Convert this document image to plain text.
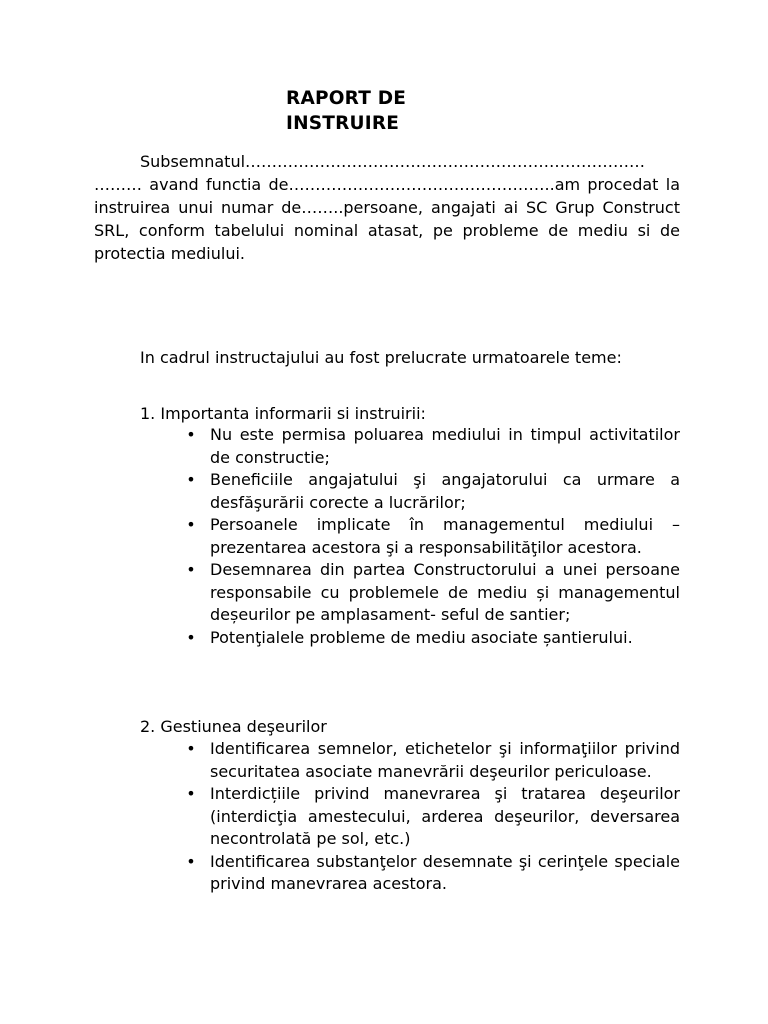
RAPORT DE
INSTRUIRE
Subsemnatul………………………………………………………………… ……… avand functia de…………………………………………..am procedat la instruirea unui numar de……..persoane, angajati ai SC Grup Construct SRL, conform tabelului nominal atasat, pe probleme de mediu si de protectia mediului.
In cadrul instructajului au fost prelucrate urmatoarele teme:
1. Importanta informarii si instruirii:
• Nu este permisa poluarea mediului in timpul activitatilor de constructie;
• Beneficiile angajatului şi angajatorului ca urmare a desfăşurării corecte a lucrărilor;
• Persoanele implicate în managementul mediului – prezentarea acestora şi a responsabilităţilor acestora.
• Desemnarea din partea Constructorului a unei persoane responsabile cu problemele de mediu și managementul deșeurilor pe amplasament- seful de santier;
• Potenţialele probleme de mediu asociate șantierului.
2. Gestiunea deşeurilor
• Identificarea semnelor, etichetelor şi informaţiilor privind securitatea asociate manevrării deşeurilor periculoase.
• Interdicțiile privind manevrarea şi tratarea deşeurilor (interdicţia amestecului, arderea deşeurilor, deversarea necontrolată pe sol, etc.)
• Identificarea substanţelor desemnate şi cerinţele speciale privind manevrarea acestora.
